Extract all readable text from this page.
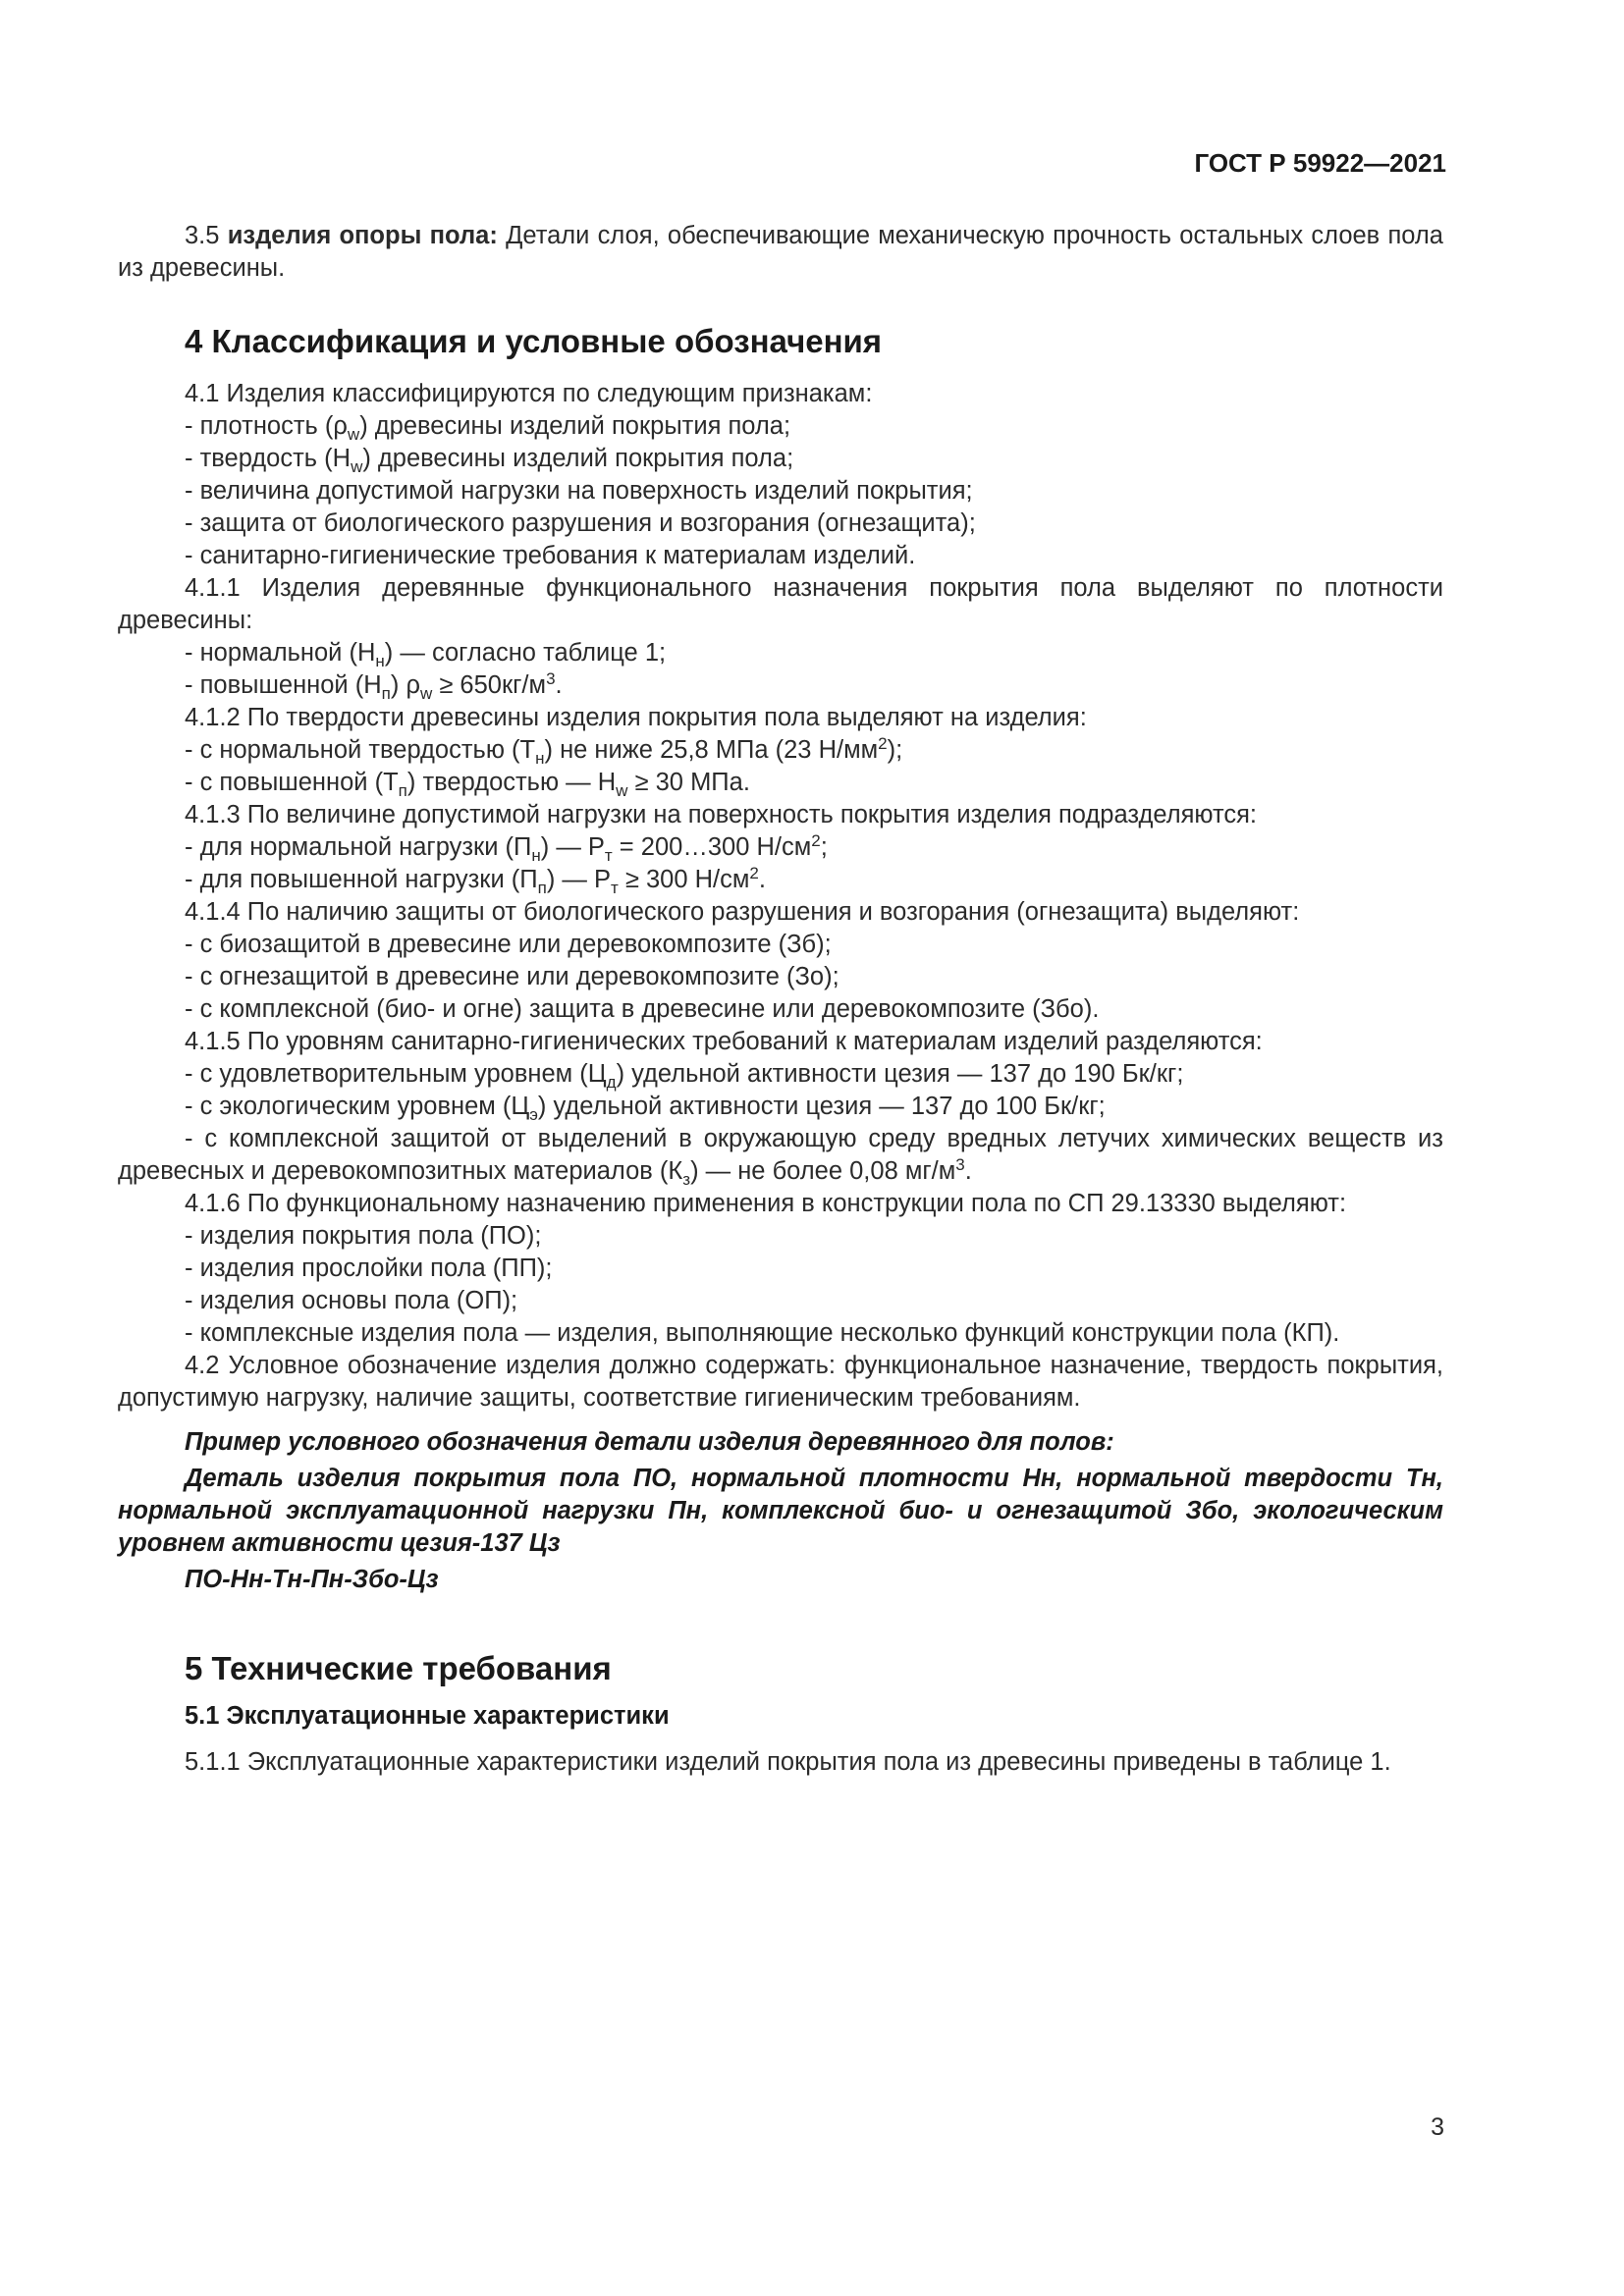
ГОСТ Р 59922—2021

3.5 изделия опоры пола: Детали слоя, обеспечивающие механическую прочность остальных слоев пола из древесины.

4 Классификация и условные обозначения

4.1 Изделия классифицируются по следующим признакам:

- плотность $(\rho_w)$ древесины изделий покрытия пола;

- твердость $(H_w)$ древесины изделий покрытия пола;

- величина допустимой нагрузки на поверхность изделий покрытия;

- защита от биологического разрушения и возгорания (огнезащита);

- санитарно-гигиенические требования к материалам изделий.

4.1.1 Изделия деревянные функционального назначения покрытия пола выделяют по плотности древесины:

- нормальной $(Н_н)$ — согласно таблице 1;

- повышенной $(Н_п) \rho_w \ge 650кг/м^3$.

4.1.2 По твердости древесины изделия покрытия пола выделяют на изделия:

- с нормальной твердостью $(Т_н)$ не ниже 25,8 МПа (23 $Н/мм^2$);

- с повышенной $(Т_п)$ твердостью — $H_w \ge 30$ МПа.

4.1.3 По величине допустимой нагрузки на поверхность покрытия изделия подразделяются:

- для нормальной нагрузки $(П_н)$ — $P_т$ = 200…300 $Н/см^2$;

- для повышенной нагрузки $(П_п)$ — $P_т \ge 300$ $Н/см^2$.

4.1.4 По наличию защиты от биологического разрушения и возгорания (огнезащита) выделяют:

- с биозащитой в древесине или деревокомпозите (Зб);

- с огнезащитой в древесине или деревокомпозите (Зо);

- с комплексной (био- и огне) защита в древесине или деревокомпозите (Збо).

4.1.5 По уровням санитарно-гигиенических требований к материалам изделий разделяются:

- с удовлетворительным уровнем $(Ц_д)$ удельной активности цезия — 137 до 190 Бк/кг;

- с экологическим уровнем $(Ц_э)$ удельной активности цезия — 137 до 100 Бк/кг;

- с комплексной защитой от выделений в окружающую среду вредных летучих химических веществ из древесных и деревокомпозитных материалов $(К_з)$ — не более 0,08 $мг/м^3$.

4.1.6 По функциональному назначению применения в конструкции пола по СП 29.13330 выделяют:

- изделия покрытия пола (ПО);

- изделия прослойки пола (ПП);

- изделия основы пола (ОП);

- комплексные изделия пола — изделия, выполняющие несколько функций конструкции пола (КП).

4.2 Условное обозначение изделия должно содержать: функциональное назначение, твердость покрытия, допустимую нагрузку, наличие защиты, соответствие гигиеническим требованиям.

Пример условного обозначения детали изделия деревянного для полов:

Деталь изделия покрытия пола ПО, нормальной плотности Нн, нормальной твердости Тн, нормальной эксплуатационной нагрузки Пн, комплексной био- и огнезащитой Збо, экологическим уровнем активности цезия-137 Цз

ПО-Нн-Тн-Пн-Збо-Цз

5 Технические требования
5.1 Эксплуатационные характеристики

5.1.1 Эксплуатационные характеристики изделий покрытия пола из древесины приведены в таблице 1.

3
